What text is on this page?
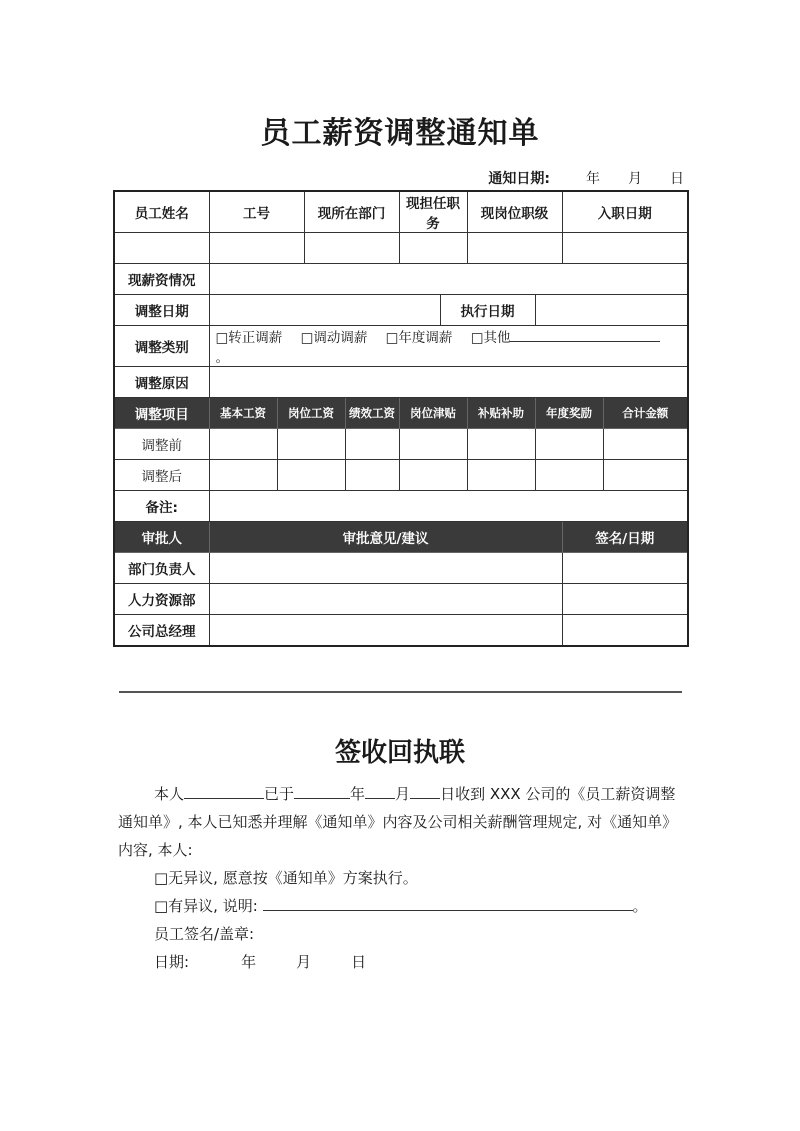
员工薪资调整通知单
通知日期:	年 月 日
员工姓名	工号		现所在部门		现担任职务		现岗位职级		入职日期	

现薪资情况										
调整日期						执行日期				
调整类别	□转正调薪 □调动调薪 □年度调薪 □其他。									
调整原因										
调整项目	基本工资	岗位工资		绩效工资	岗位津贴		补贴补助	年度奖励		合计金额
调整前										
调整后										
备注:										
审批人	审批意见/建议								签名/日期	
部门负责人										
人力资源部										
公司总经理										
签收回执联

本人	已于	年 月 日收到 XXX 公司的《员工薪资调整通知单》, 本人已知悉并理解《通知单》内容及公司相关薪酬管理规定, 对《通知单》内容, 本人:

□无异议, 愿意按《通知单》方案执行。

□有异议, 说明:	。

员工签名/盖章:

日期:	年	月	日
